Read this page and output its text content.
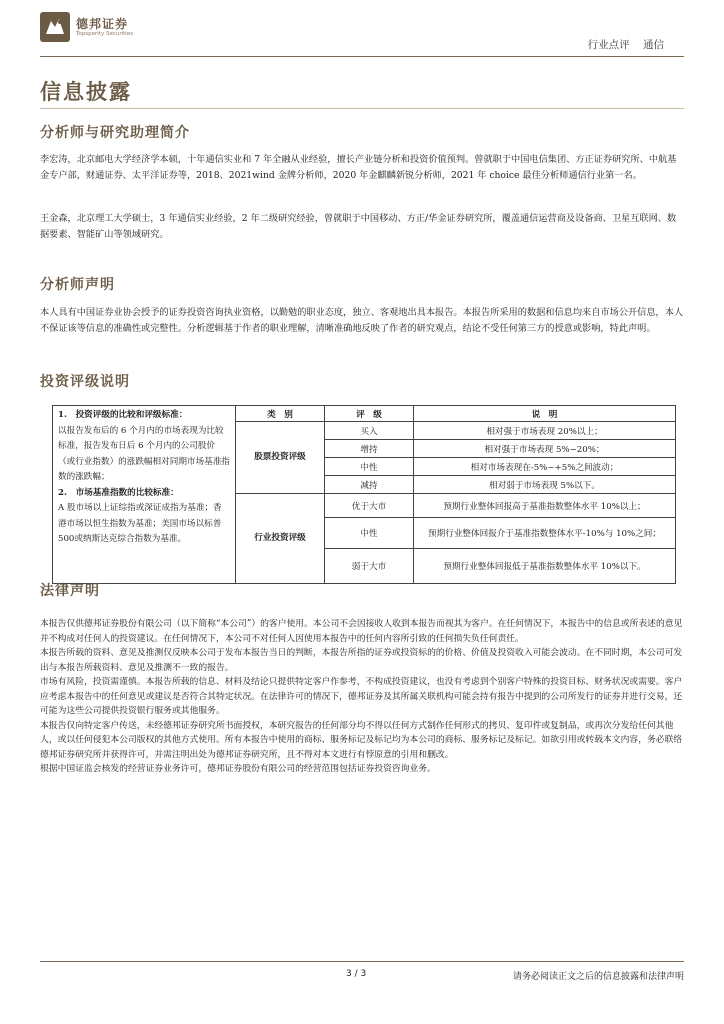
德邦证券
Topsperity Securities
行业点评 通信
信息披露
分析师与研究助理简介
李宏涛，北京邮电大学经济学本硕，十年通信实业和 7 年全融从业经验，擅长产业链分析和投资价值预判。曾就职于中国电信集团、方正证券研究所、中航基金专户部，财通证券、太平洋证券等，2018、2021wind 金牌分析师，2020 年金麒麟新锐分析师，2021 年 choice 最佳分析师通信行业第一名。
王金森，北京理工大学硕士，3 年通信实业经验，2 年二级研究经验，曾就职于中国移动、方正/华金证券研究所，覆盖通信运营商及设备商、卫星互联网、数据要素、智能矿山等领域研究。
分析师声明
本人具有中国证券业协会授予的证券投资咨询执业资格，以勤勉的职业态度，独立、客观地出具本报告。本报告所采用的数据和信息均来自市场公开信息，本人不保证该等信息的准确性或完整性。分析逻辑基于作者的职业理解，清晰准确地反映了作者的研究观点，结论不受任何第三方的授意或影响，特此声明。
投资评级说明
1.　投资评级的比较和评级标准：
以报告发布后的 6 个月内的市场表现为比较标准，报告发布日后 6 个月内的公司股价（或行业指数）的涨跌幅相对同期市场基准指数的涨跌幅；
2.　市场基准指数的比较标准：
A 股市场以上证综指或深证成指为基准；香港市场以恒生指数为基准；美国市场以标普500或纳斯达克综合指数为基准。	类　别	评　级	说　明
	股票投资评级	买入	相对强于市场表现 20%以上；
		增持	相对强于市场表现 5%~20%；
		中性	相对市场表现在-5%~+5%之间波动；
		减持	相对弱于市场表现 5%以下。
	行业投资评级	优于大市	预期行业整体回报高于基准指数整体水平 10%以上；
		中性	预期行业整体回报介于基准指数整体水平-10%与 10%之间；
		弱于大市	预期行业整体回报低于基准指数整体水平 10%以下。
法律声明

本报告仅供德邦证券股份有限公司（以下简称“本公司”）的客户使用。本公司不会因接收人收到本报告而视其为客户。在任何情况下，本报告中的信息或所表述的意见并不构成对任何人的投资建议。在任何情况下，本公司不对任何人因使用本报告中的任何内容所引致的任何损失负任何责任。

本报告所载的资料、意见及推测仅反映本公司于发布本报告当日的判断，本报告所指的证券或投资标的的价格、价值及投资收入可能会波动。在不同时期，本公司可发出与本报告所载资料、意见及推测不一致的报告。

市场有风险，投资需谨慎。本报告所载的信息、材料及结论只提供特定客户作参考，不构成投资建议，也没有考虑到个别客户特殊的投资目标、财务状况或需要。客户应考虑本报告中的任何意见或建议是否符合其特定状况。在法律许可的情况下，德邦证券及其所属关联机构可能会持有报告中提到的公司所发行的证券并进行交易，还可能为这些公司提供投资银行服务或其他服务。

本报告仅向特定客户传送，未经德邦证券研究所书面授权，本研究报告的任何部分均不得以任何方式制作任何形式的拷贝、复印件或复制品，或再次分发给任何其他人，或以任何侵犯本公司版权的其他方式使用。所有本报告中使用的商标、服务标记及标记均为本公司的商标、服务标记及标记。如欲引用或转载本文内容，务必联络德邦证券研究所并获得许可，并需注明出处为德邦证券研究所，且不得对本文进行有悖原意的引用和删改。

根据中国证监会核发的经营证券业务许可，德邦证券股份有限公司的经营范围包括证券投资咨询业务。

3 / 3	请务必阅读正文之后的信息披露和法律声明
